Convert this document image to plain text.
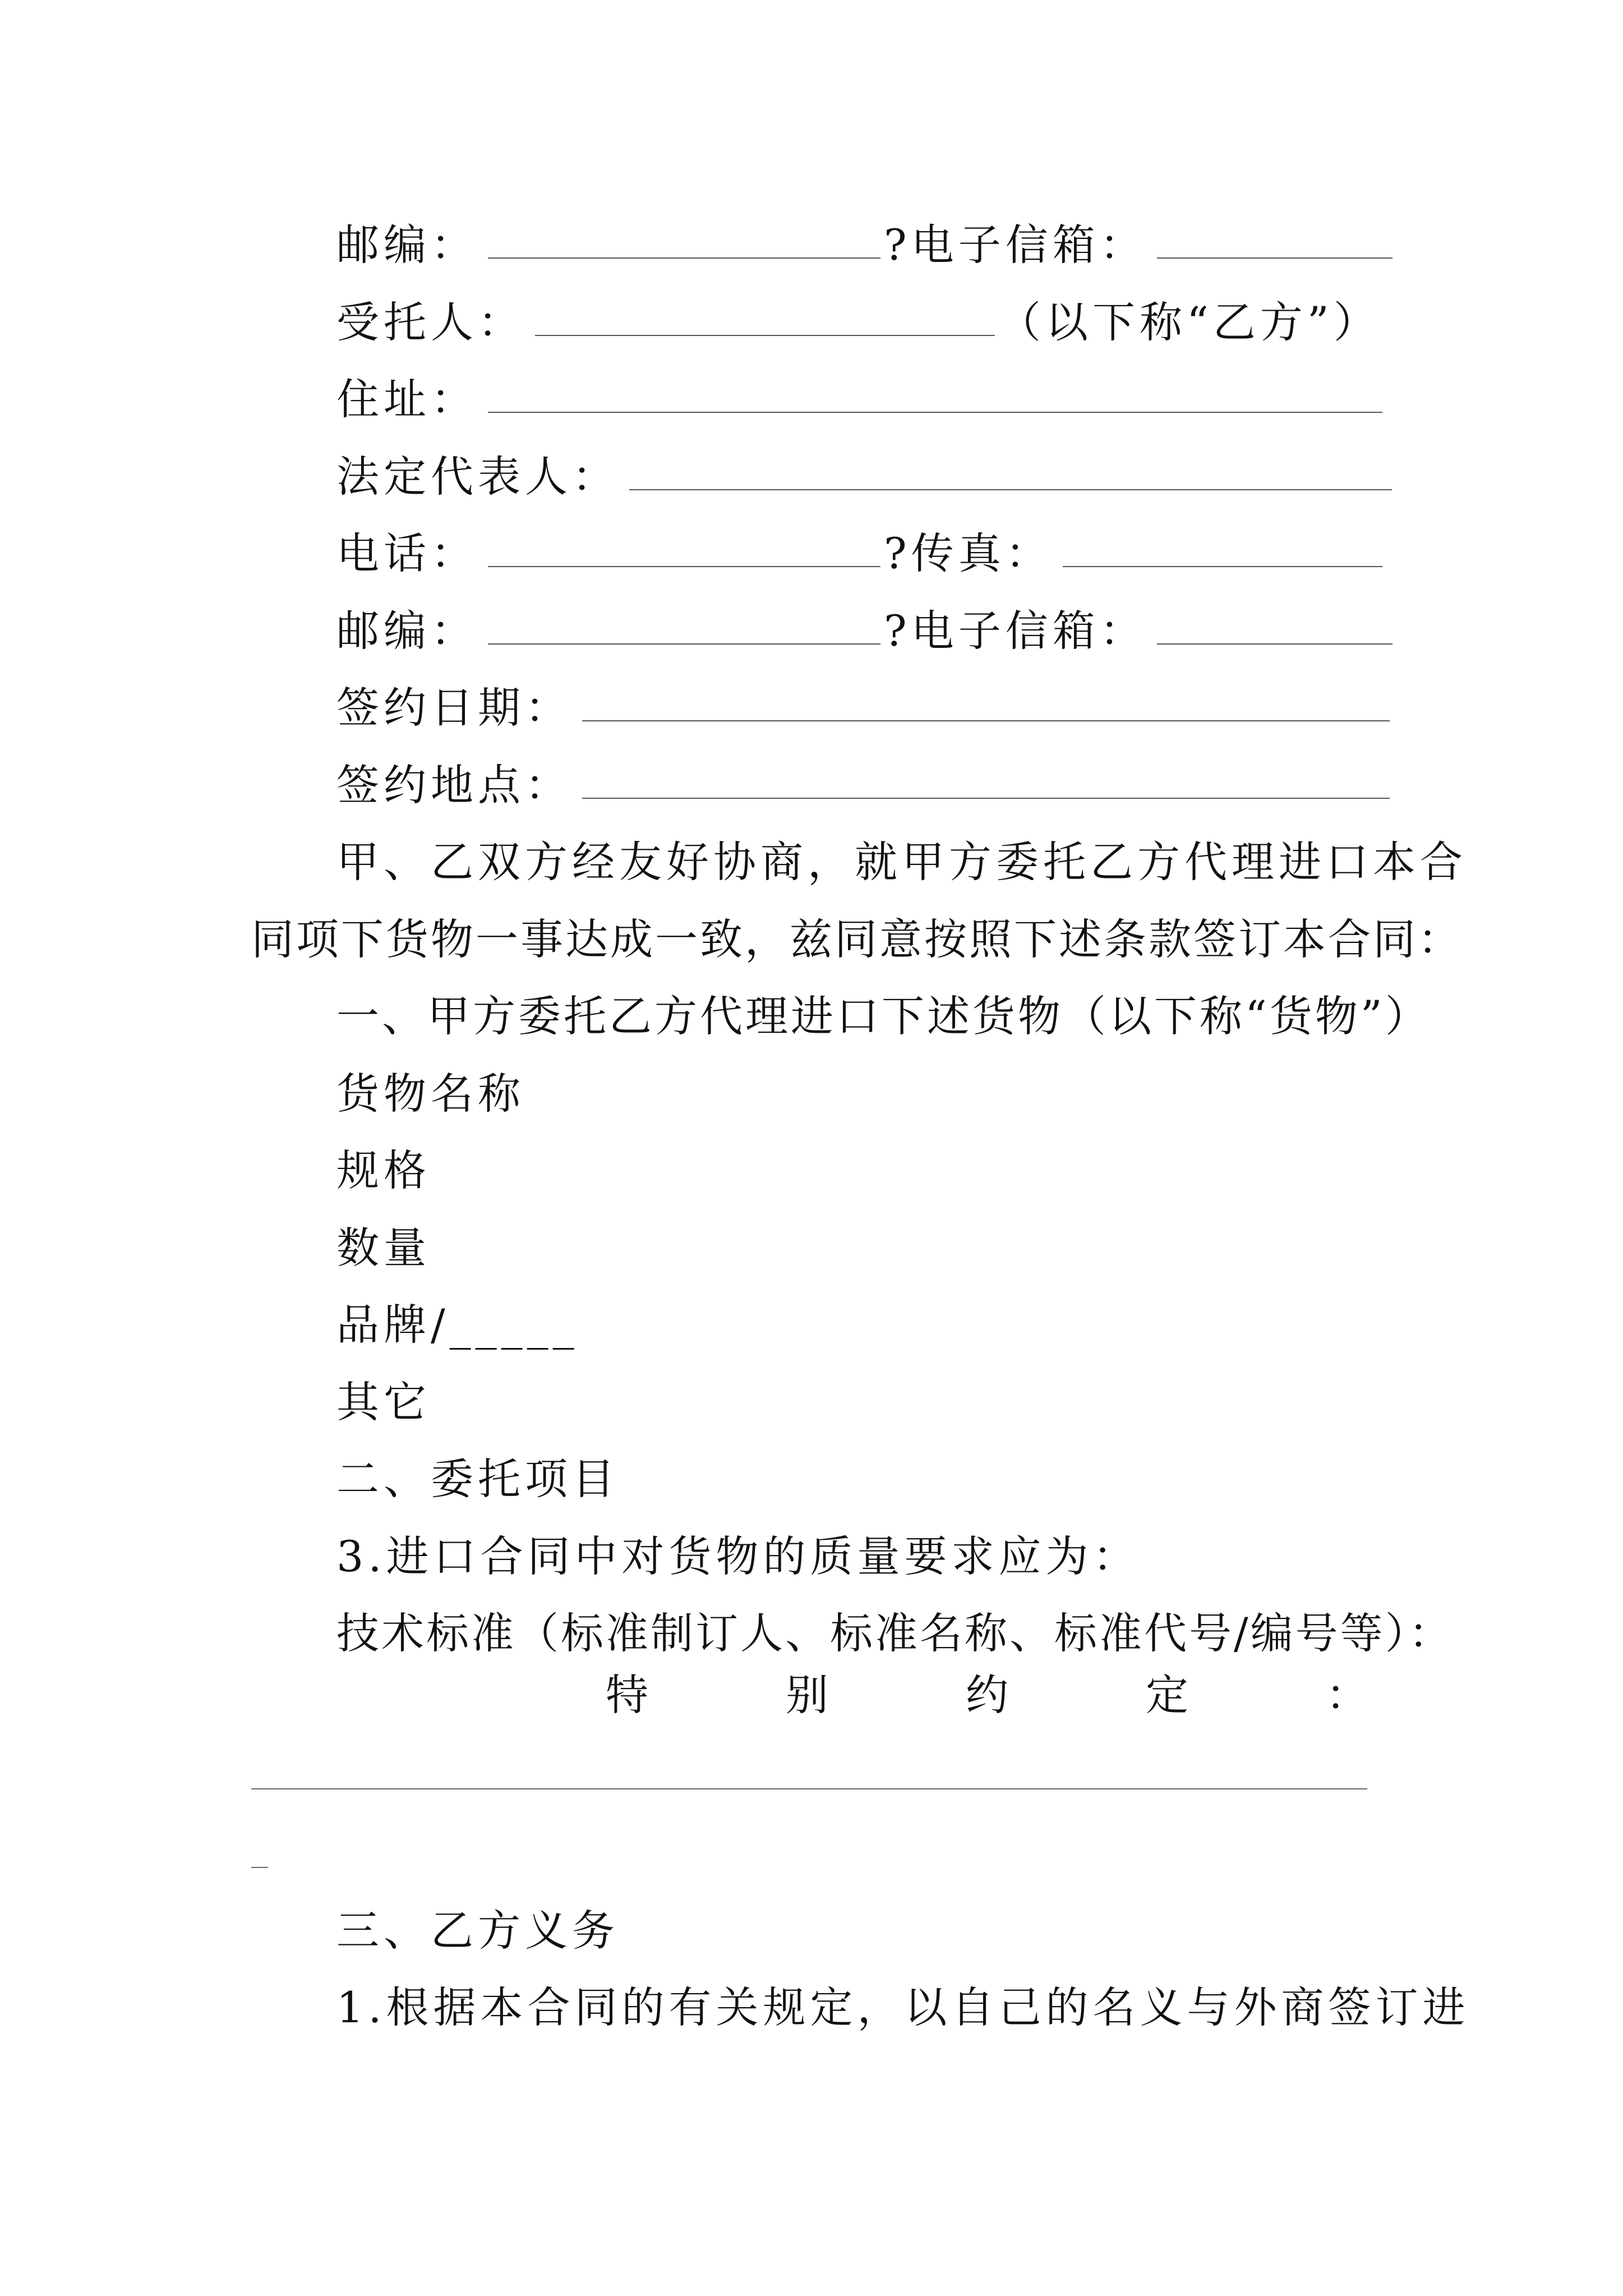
邮编：	?电子信箱：
受托人：	（以下称“乙方”）
住址：
法定代表人：
电话：	?传真：
邮编：	?电子信箱：
签约日期：
签约地点：
甲、乙双方经友好协商，就甲方委托乙方代理进口本合
同项下货物一事达成一致，兹同意按照下述条款签订本合同：
一、甲方委托乙方代理进口下述货物（以下称“货物”）
货物名称
规格
数量
品牌/_____
其它
二、委托项目
3.进口合同中对货物的质量要求应为：
技术标准（标准制订人、标准名称、标准代号/编号等）：
特	别	约	定	：
三、乙方义务
1.根据本合同的有关规定，以自己的名义与外商签订进
